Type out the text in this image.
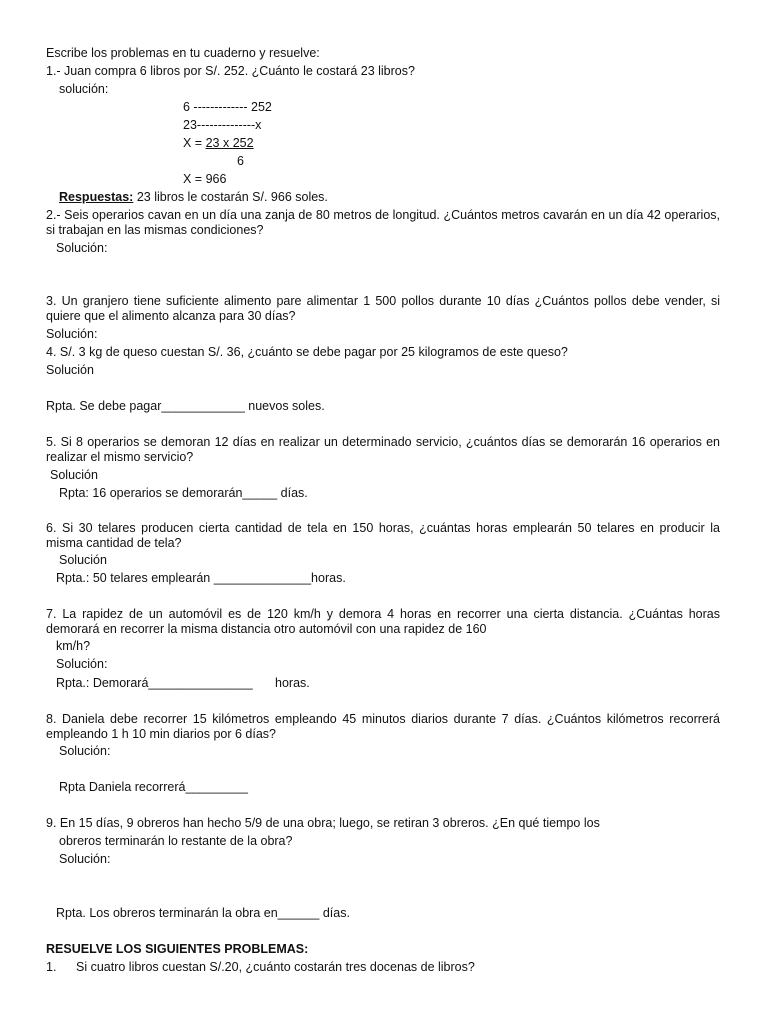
Escribe los problemas en tu cuaderno y resuelve:
1.- Juan compra 6 libros por S/. 252. ¿Cuánto le costará 23 libros?
solución:
6 ------------- 252
23--------------x
X = 23 x 252
6
X = 966
Respuestas: 23 libros le costarán S/. 966 soles.
2.- Seis operarios cavan en un día una zanja de 80 metros de longitud. ¿Cuántos metros cavarán en un día 42 operarios, si trabajan en las mismas condiciones?
Solución:
3. Un granjero tiene suficiente alimento pare alimentar 1 500 pollos durante 10 días ¿Cuántos pollos debe vender, si quiere que el alimento alcanza para 30 días?
Solución:
4. S/. 3 kg de queso cuestan S/. 36, ¿cuánto se debe pagar por 25 kilogramos de este queso?
Solución
Rpta. Se debe pagar____________ nuevos soles.
5. Si 8 operarios se demoran 12 días en realizar un determinado servicio, ¿cuántos días se demorarán 16 operarios en realizar el mismo servicio?
Solución
Rpta: 16 operarios se demorarán_____ días.
6. Si 30 telares producen cierta cantidad de tela en 150 horas, ¿cuántas horas emplearán 50 telares en producir la misma cantidad de tela?
Solución
Rpta.: 50 telares emplearán ______________horas.
7. La rapidez de un automóvil es de 120 km/h y demora 4 horas en recorrer una cierta distancia. ¿Cuántas horas demorará en recorrer la misma distancia otro automóvil con una rapidez de 160
km/h?
Solución:
Rpta.: Demorará_______________ horas.
8. Daniela debe recorrer 15 kilómetros empleando 45 minutos diarios durante 7 días. ¿Cuántos kilómetros recorrerá empleando 1 h 10 min diarios por 6 días?
Solución:
Rpta Daniela recorrerá_________
9. En 15 días, 9 obreros han hecho 5/9 de una obra; luego, se retiran 3 obreros. ¿En qué tiempo los
obreros terminarán lo restante de la obra?
Solución:
Rpta. Los obreros terminarán la obra en______ días.
RESUELVE LOS SIGUIENTES PROBLEMAS:
1. Si cuatro libros cuestan S/.20, ¿cuánto costarán tres docenas de libros?
